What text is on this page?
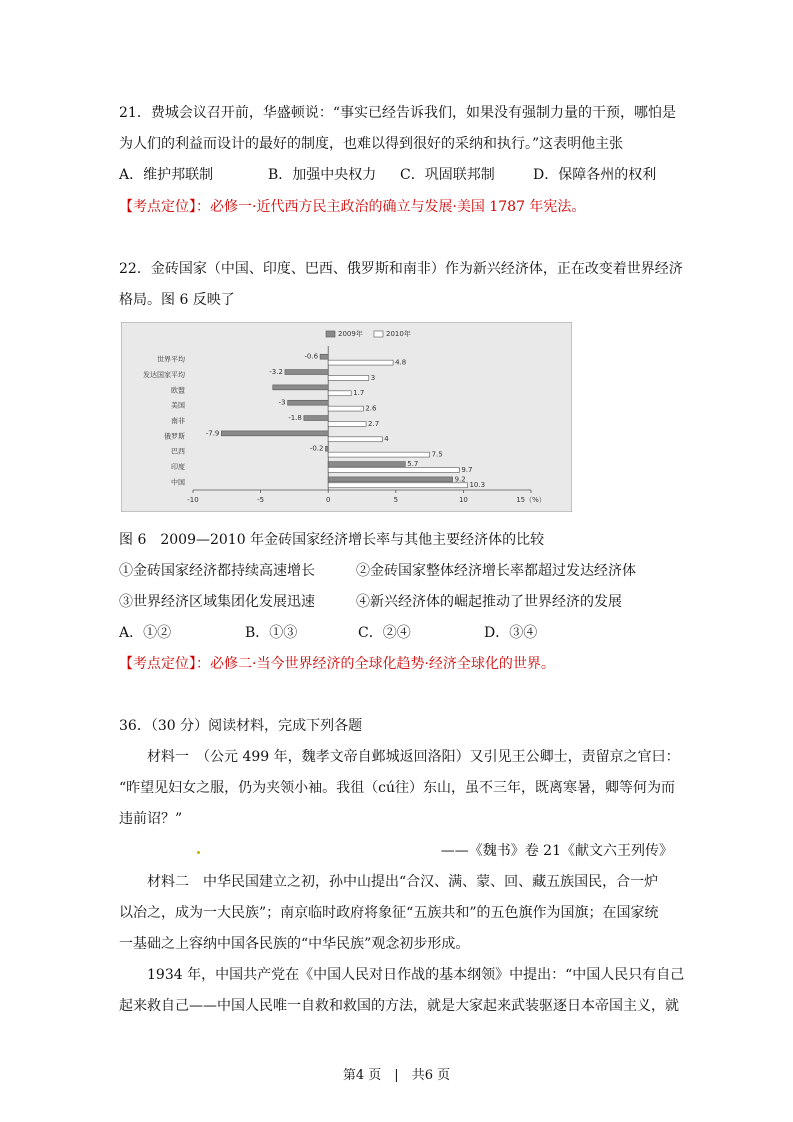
21．费城会议召开前，华盛顿说：“事实已经告诉我们，如果没有强制力量的干预，哪怕是
为人们的利益而设计的最好的制度，也难以得到很好的采纳和执行。”这表明他主张
A．维护邦联制	B．加强中央权力 C．巩固联邦制	D．保障各州的权利
【考点定位】：必修一·近代西方民主政治的确立与发展·美国 1787 年宪法。
22．金砖国家（中国、印度、巴西、俄罗斯和南非）作为新兴经济体，正在改变着世界经济
格局。图 6 反映了
-10	-5	0	5	10	15（%）
世界平均	-0.6
4.8
发达国家平均	-3.2
3
欧盟	1.7
美国	-3
2.6
南非	-1.8
2.7
俄罗斯	-7.9
4
巴西	-0.2
7.5
印度	5.7
9.7
中国	9.2
10.3
2009年	2010年
图 6　2009—2010 年金砖国家经济增长率与其他主要经济体的比较
①金砖国家经济都持续高速增长	②金砖国家整体经济增长率都超过发达经济体
③世界经济区域集团化发展迅速	④新兴经济体的崛起推动了世界经济的发展
A．①②	B．①③	C．②④	D．③④
【考点定位】：必修二·当今世界经济的全球化趋势·经济全球化的世界。
36．（30 分）阅读材料，完成下列各题
材料一　（公元 499 年，魏孝文帝自邺城返回洛阳）又引见王公卿士，责留京之官曰：
“昨望见妇女之服，仍为夹领小袖。我徂（cú往）东山，虽不三年，既离寒暑，卿等何为而
违前诏？”
——《魏书》卷 21《献文六王列传》
材料二　中华民国建立之初，孙中山提出“合汉、满、蒙、回、藏五族国民，合一炉
以冶之，成为一大民族”；南京临时政府将象征“五族共和”的五色旗作为国旗；在国家统
一基础之上容纳中国各民族的“中华民族”观念初步形成。
1934 年，中国共产党在《中国人民对日作战的基本纲领》中提出：“中国人民只有自己
起来救自己——中国人民唯一自救和救国的方法，就是大家起来武装驱逐日本帝国主义，就
第4 页　|　共6 页
